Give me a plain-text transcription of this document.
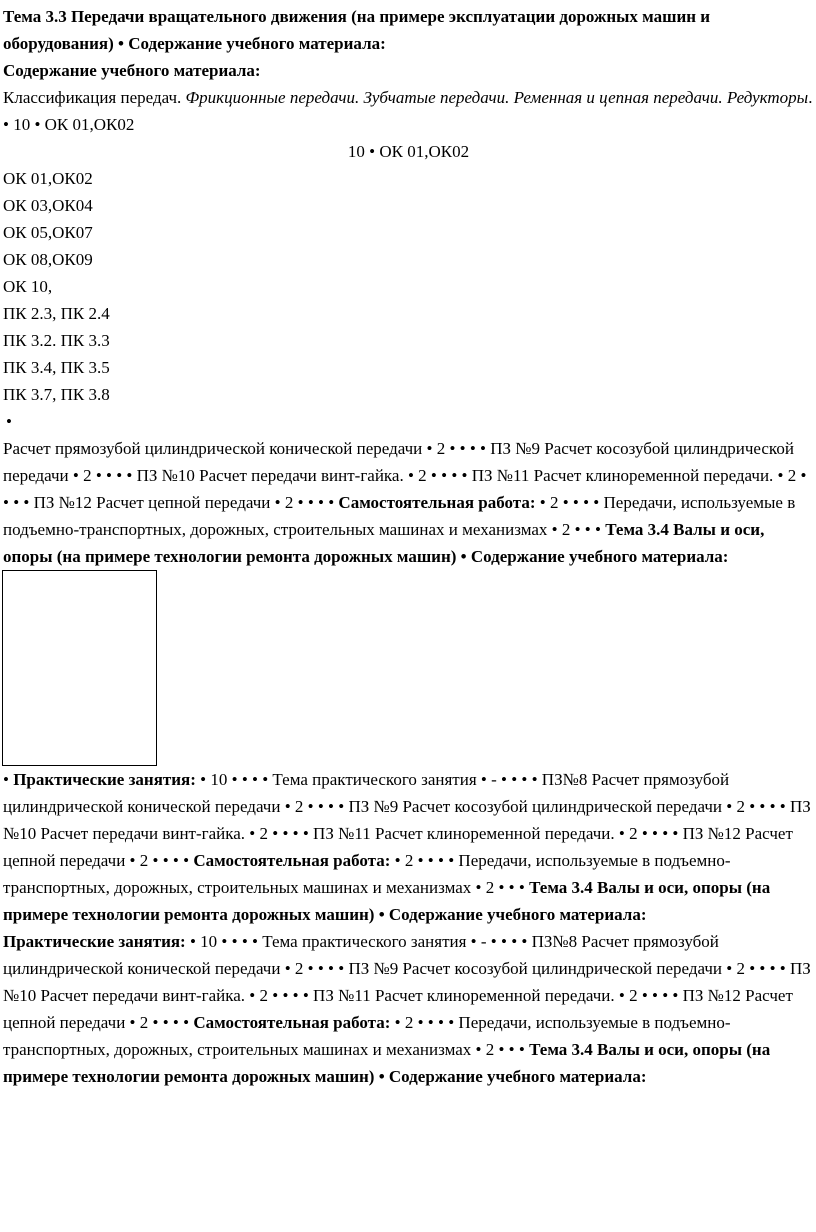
Тема 3.3 Передачи вращательного движения (на примере эксплуатации дорожных машин и оборудования) • Содержание учебного материала:
Содержание учебного материала:
Классификация передач. Фрикционные передачи. Зубчатые передачи. Ременная и цепная передачи. Редукторы. • 10 • ОК 01,ОК02
10 • ОК 01,ОК02
ОК 01,ОК02
ОК 03,ОК04
ОК 05,ОК07
ОК 08,ОК09
ОК 10,
ПК 2.3, ПК 2.4
ПК 3.2. ПК 3.3
ПК 3.4, ПК 3.5
ПК 3.7, ПК 3.8
•
Расчет прямозубой цилиндрической конической передачи • 2 • • • • ПЗ №9 Расчет косозубой цилиндрической передачи • 2 • • • • ПЗ №10 Расчет передачи винт-гайка. • 2 • • • • ПЗ №11 Расчет клиноременной передачи. • 2 • • • • ПЗ №12 Расчет цепной передачи • 2 • • • • Самостоятельная работа: • 2 • • • • Передачи, используемые в подъемно-транспортных, дорожных, строительных машинах и механизмах • 2 • • • Тема 3.4 Валы и оси, опоры (на примере технологии ремонта дорожных машин) • Содержание учебного материала:
• Практические занятия: • 10 • • • • Тема практического занятия • - • • • • ПЗ№8 Расчет прямозубой цилиндрической конической передачи • 2 • • • • ПЗ №9 Расчет косозубой цилиндрической передачи • 2 • • • • ПЗ №10 Расчет передачи винт-гайка. • 2 • • • • ПЗ №11 Расчет клиноременной передачи. • 2 • • • • ПЗ №12 Расчет цепной передачи • 2 • • • • Самостоятельная работа: • 2 • • • • Передачи, используемые в подъемно-транспортных, дорожных, строительных машинах и механизмах • 2 • • • Тема 3.4 Валы и оси, опоры (на примере технологии ремонта дорожных машин) • Содержание учебного материала:
Практические занятия: • 10 • • • • Тема практического занятия • - • • • • ПЗ№8 Расчет прямозубой цилиндрической конической передачи • 2 • • • • ПЗ №9 Расчет косозубой цилиндрической передачи • 2 • • • • ПЗ №10 Расчет передачи винт-гайка. • 2 • • • • ПЗ №11 Расчет клиноременной передачи. • 2 • • • • ПЗ №12 Расчет цепной передачи • 2 • • • • Самостоятельная работа: • 2 • • • • Передачи, используемые в подъемно-транспортных, дорожных, строительных машинах и механизмах • 2 • • • Тема 3.4 Валы и оси, опоры (на примере технологии ремонта дорожных машин) • Содержание учебного материала:
